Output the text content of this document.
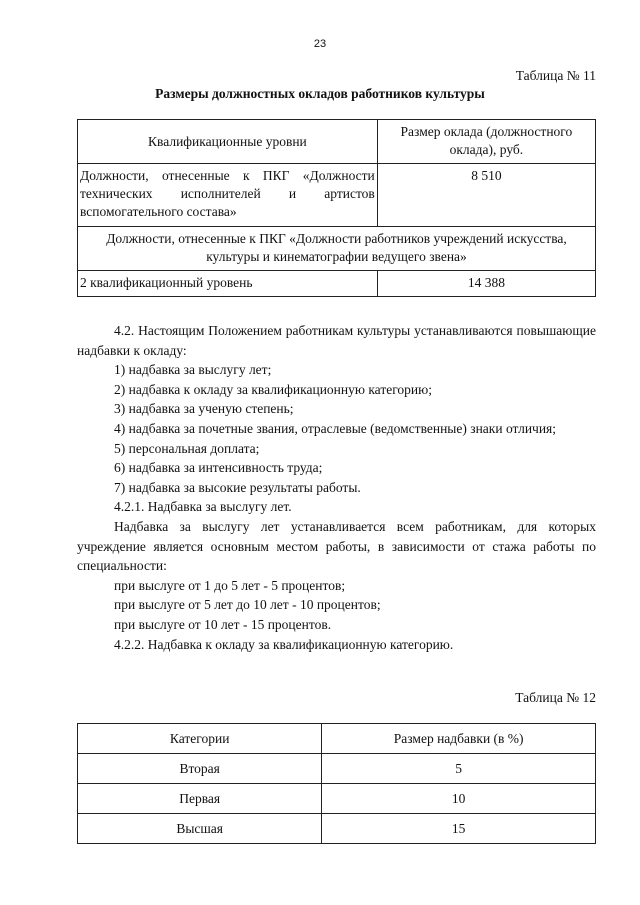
23
Таблица № 11
Размеры должностных окладов работников культуры
Квалификационные уровни	Размер оклада (должностного оклада), руб.
Должности, отнесенные к ПКГ «Должности технических исполнителей и артистов вспомогательного состава»	8 510
Должности, отнесенные к ПКГ «Должности работников учреждений искусства, культуры и кинематографии ведущего звена»	
2 квалификационный уровень	14 388

4.2. Настоящим Положением работникам культуры устанавливаются повышающие надбавки к окладу:

1) надбавка за выслугу лет;

2) надбавка к окладу за квалификационную категорию;

3) надбавка за ученую степень;

4) надбавка за почетные звания, отраслевые (ведомственные) знаки отличия;

5) персональная доплата;

6) надбавка за интенсивность труда;

7) надбавка за высокие результаты работы.

4.2.1. Надбавка за выслугу лет.

Надбавка за выслугу лет устанавливается всем работникам, для которых учреждение является основным местом работы, в зависимости от стажа работы по специальности:

при выслуге от 1 до 5 лет - 5 процентов;

при выслуге от 5 лет до 10 лет - 10 процентов;

при выслуге от 10 лет - 15 процентов.

4.2.2. Надбавка к окладу за квалификационную категорию.

Таблица № 12
Категории	Размер надбавки (в %)
Вторая	5
Первая	10
Высшая	15
